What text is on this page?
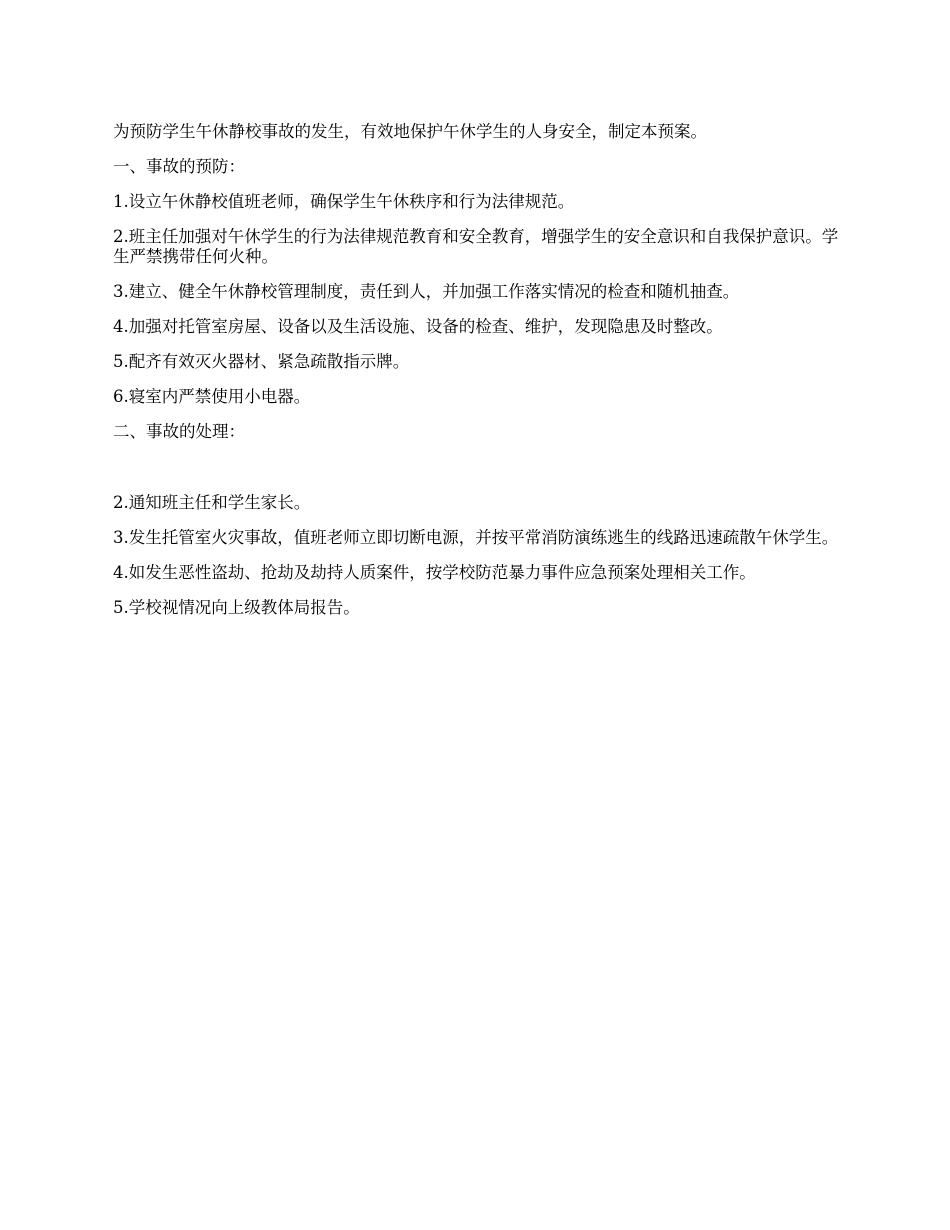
为预防学生午休静校事故的发生，有效地保护午休学生的人身安全，制定本预案。

一、事故的预防：

1.设立午休静校值班老师，确保学生午休秩序和行为法律规范。

2.班主任加强对午休学生的行为法律规范教育和安全教育，增强学生的安全意识和自我保护意识。学生严禁携带任何火种。

3.建立、健全午休静校管理制度，责任到人，并加强工作落实情况的检查和随机抽查。

4.加强对托管室房屋、设备以及生活设施、设备的检查、维护，发现隐患及时整改。

5.配齐有效灭火器材、紧急疏散指示牌。

6.寝室内严禁使用小电器。

二、事故的处理：

2.通知班主任和学生家长。

3.发生托管室火灾事故，值班老师立即切断电源，并按平常消防演练逃生的线路迅速疏散午休学生。

4.如发生恶性盗劫、抢劫及劫持人质案件，按学校防范暴力事件应急预案处理相关工作。

5.学校视情况向上级教体局报告。
